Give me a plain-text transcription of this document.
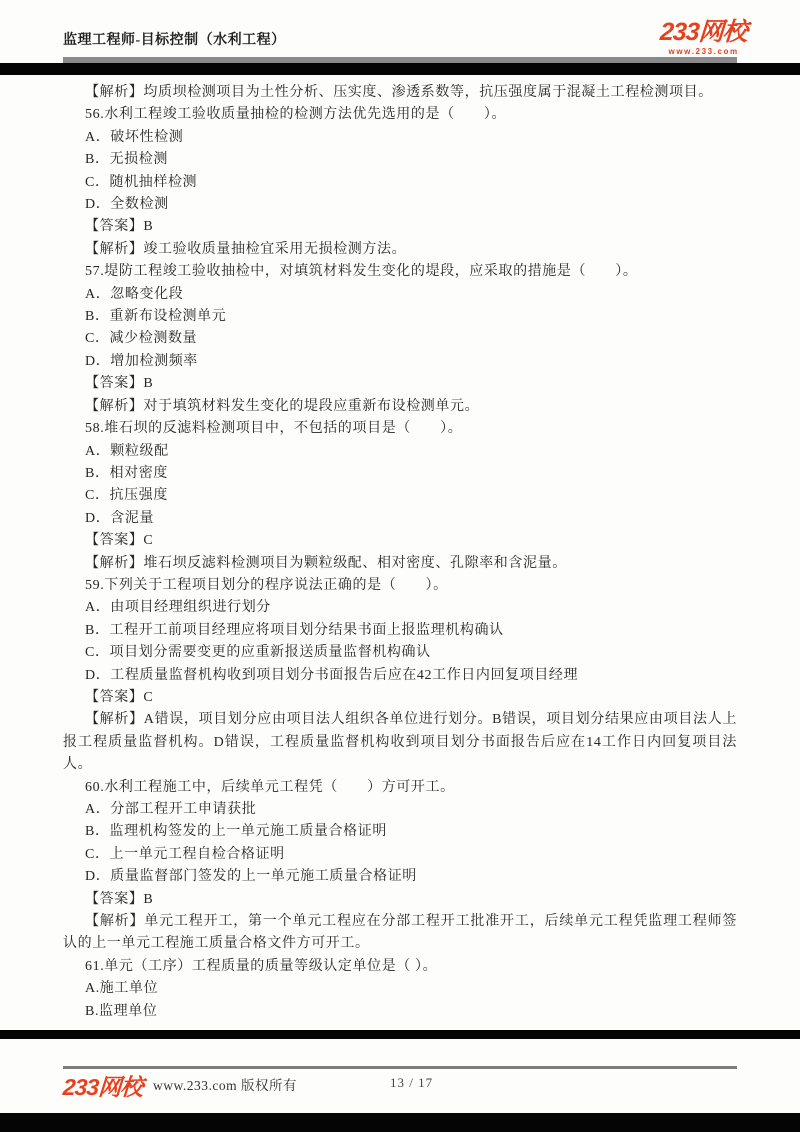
监理工程师-目标控制（水利工程）	233网校
www.233.com

【解析】均质坝检测项目为土性分析、压实度、渗透系数等，抗压强度属于混凝土工程检测项目。

56.水利工程竣工验收质量抽检的检测方法优先选用的是（　　）。

A．破坏性检测

B．无损检测

C．随机抽样检测

D．全数检测

【答案】B

【解析】竣工验收质量抽检宜采用无损检测方法。

57.堤防工程竣工验收抽检中，对填筑材料发生变化的堤段，应采取的措施是（　　）。

A．忽略变化段

B．重新布设检测单元

C．减少检测数量

D．增加检测频率

【答案】B

【解析】对于填筑材料发生变化的堤段应重新布设检测单元。

58.堆石坝的反滤料检测项目中，不包括的项目是（　　）。

A．颗粒级配

B．相对密度

C．抗压强度

D．含泥量

【答案】C

【解析】堆石坝反滤料检测项目为颗粒级配、相对密度、孔隙率和含泥量。

59.下列关于工程项目划分的程序说法正确的是（　　）。

A．由项目经理组织进行划分

B．工程开工前项目经理应将项目划分结果书面上报监理机构确认

C．项目划分需要变更的应重新报送质量监督机构确认

D．工程质量监督机构收到项目划分书面报告后应在42工作日内回复项目经理

【答案】C

【解析】A错误，项目划分应由项目法人组织各单位进行划分。B错误，项目划分结果应由项目法人上报工程质量监督机构。D错误，工程质量监督机构收到项目划分书面报告后应在14工作日内回复项目法人。

60.水利工程施工中，后续单元工程凭（　　）方可开工。

A．分部工程开工申请获批

B．监理机构签发的上一单元施工质量合格证明

C．上一单元工程自检合格证明

D．质量监督部门签发的上一单元施工质量合格证明

【答案】B

【解析】单元工程开工，第一个单元工程应在分部工程开工批准开工，后续单元工程凭监理工程师签认的上一单元工程施工质量合格文件方可开工。

61.单元（工序）工程质量的质量等级认定单位是（ ）。

A.施工单位

B.监理单位

233网校 www.233.com 版权所有	13 / 17
